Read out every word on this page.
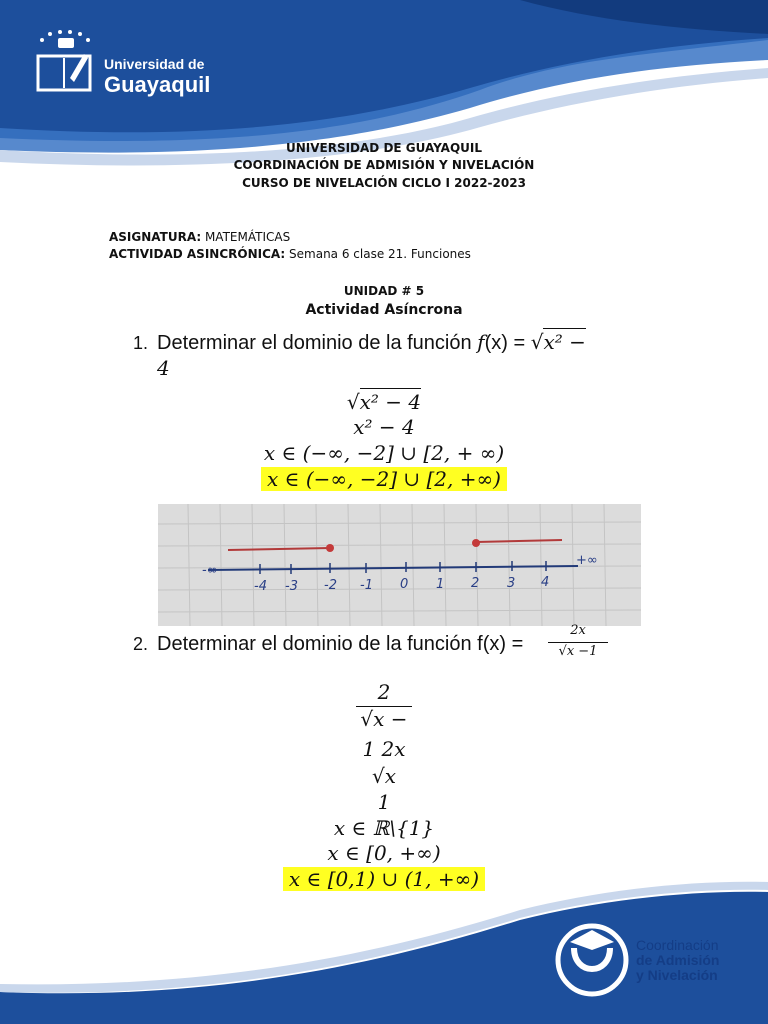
Universidad de
Guayaquil
UNIVERSIDAD DE GUAYAQUIL
COORDINACIÓN DE ADMISIÓN Y NIVELACIÓN
CURSO DE NIVELACIÓN CICLO I 2022-2023
ASIGNATURA: MATEMÁTICAS
ACTIVIDAD ASINCRÓNICA: Semana 6 clase 21. Funciones
UNIDAD # 5
Actividad Asíncrona
1. Determinar el dominio de la función f(x) = √x² −
4
√x² − 4
x² − 4
x ∈ (−∞, −2] ∪ [2, + ∞)
x ∈ (−∞, −2] ∪ [2, +∞)
-∞
-4 -3 -2 -1 0 1 2 3 4
+∞
2. Determinar el dominio de la función $f(x) = \frac{2x}{√x -1}$
2
√x −
1 2x
√x
1
x ∈ ℝ\{1}
x ∈ [0, +∞)
x ∈ [0,1) ∪ (1, +∞)
Coordinación
de Admisión
y Nivelación
